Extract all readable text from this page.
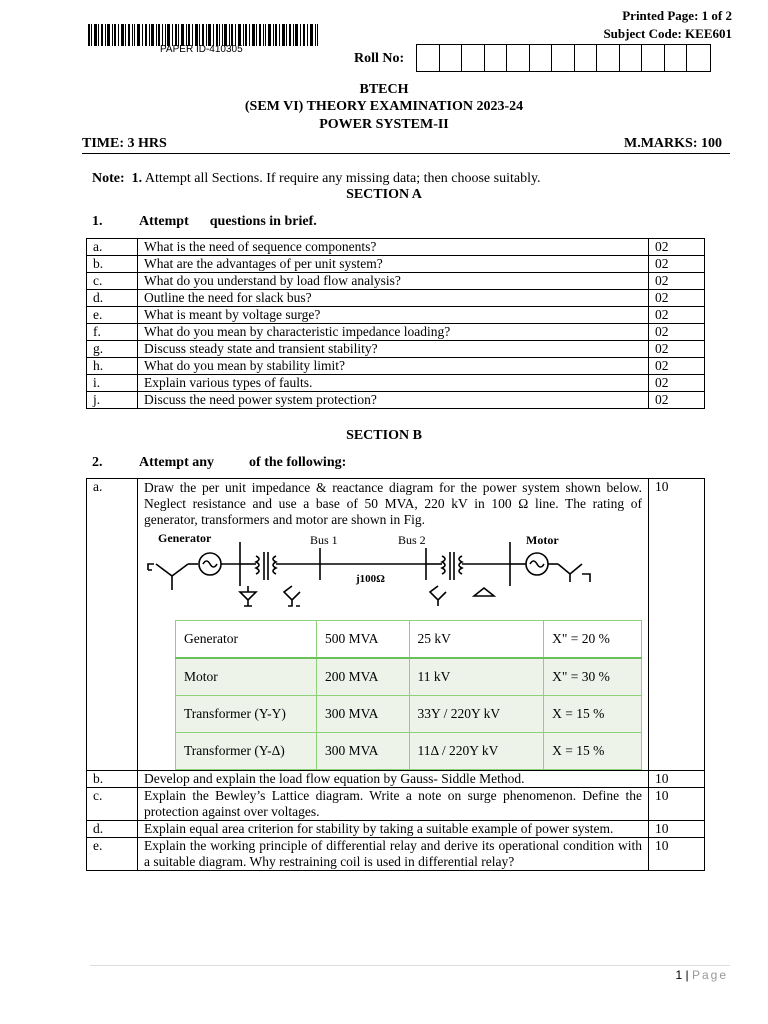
PAPER ID-410305
Printed Page: 1 of 2
Subject Code: KEE601
Roll No:
BTECH
(SEM VI) THEORY EXAMINATION 2023-24
POWER SYSTEM-II
TIME: 3 HRS	M.MARKS: 100
Note: 1. Attempt all Sections. If require any missing data; then choose suitably.
SECTION A
1.	Attempt questions in brief.
a.	What is the need of sequence components?	02
b.	What are the advantages of per unit system?	02
c.	What do you understand by load flow analysis?	02
d.	Outline the need for slack bus?	02
e.	What is meant by voltage surge?	02
f.	What do you mean by characteristic impedance loading?	02
g.	Discuss steady state and transient stability?	02
h.	What do you mean by stability limit?	02
i.	Explain various types of faults.	02
j.	Discuss the need power system protection?	02
SECTION B
2.	Attempt any	of the following:
a.	Draw the per unit impedance & reactance diagram for the power system shown below. Neglect resistance and use a base of 50 MVA, 220 kV in 100 Ω line. The rating of generator, transformers and motor are shown in Fig.
Generator	Bus 1	Bus 2
j100Ω
Motor
Generator	500 MVA	25 kV	X" = 20 %
Motor	200 MVA	11 kV	X" = 30 %
Transformer (Y-Y)	300 MVA	33Y / 220Y kV	X = 15 %
Transformer (Y-Δ)	300 MVA	11Δ / 220Y kV	X = 15 %
	10
b.	Develop and explain the load flow equation by Gauss- Siddle Method.	10
c.	Explain the Bewley’s Lattice diagram. Write a note on surge phenomenon. Define the protection against over voltages.	10
d.	Explain equal area criterion for stability by taking a suitable example of power system.	10
e.	Explain the working principle of differential relay and derive its operational condition with a suitable diagram. Why restraining coil is used in differential relay?	10
1 | Page
